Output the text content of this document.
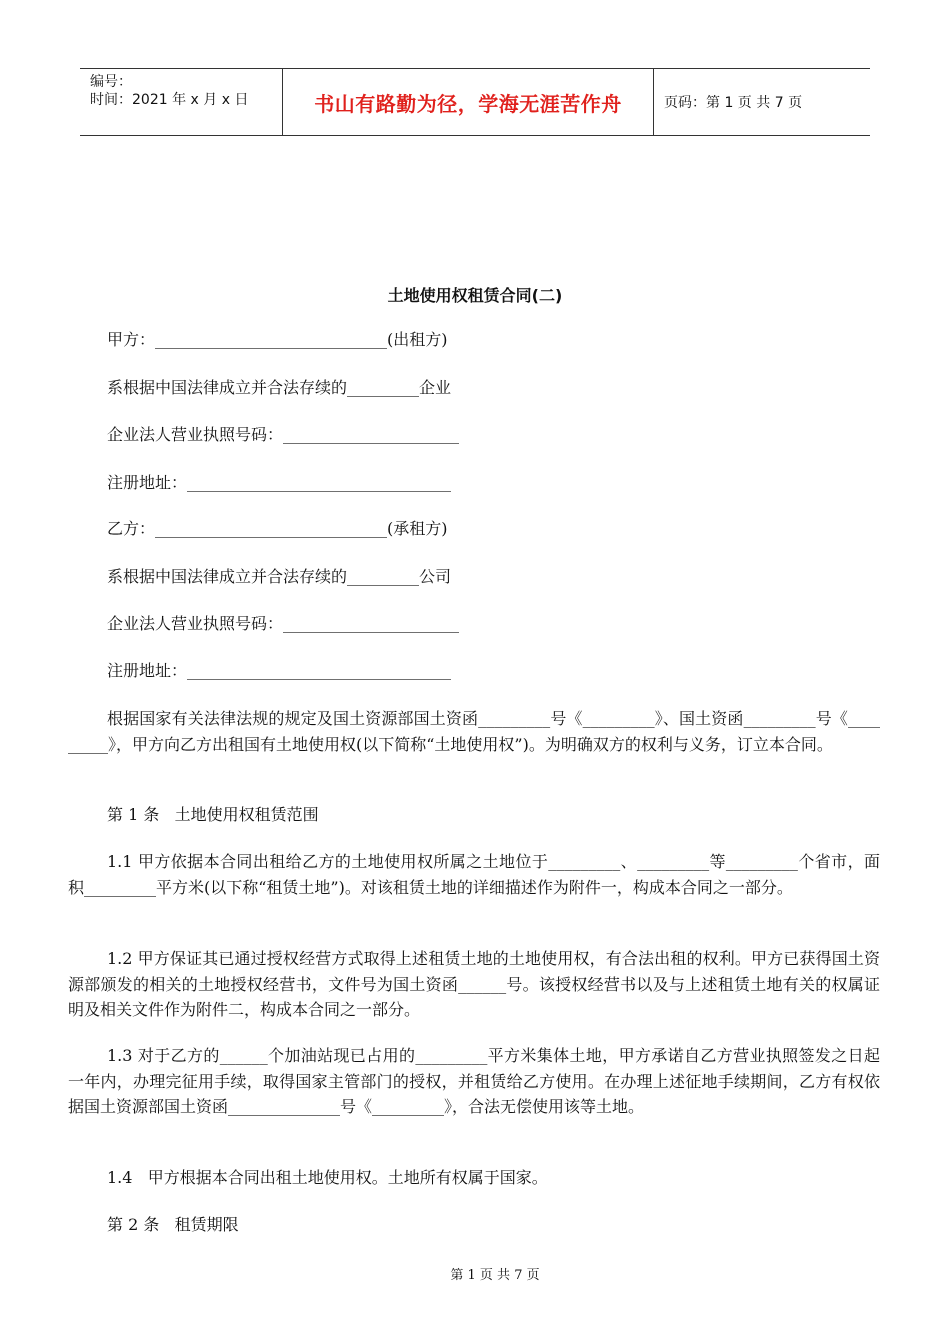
编号：
时间：2021 年 x 月 x 日	书山有路勤为径，学海无涯苦作舟	页码：第 1 页 共 7 页
土地使用权租赁合同(二)
甲方：_____________________________(出租方)
系根据中国法律成立并合法存续的_________企业
企业法人营业执照号码：______________________
注册地址：_________________________________
乙方：_____________________________(承租方)
系根据中国法律成立并合法存续的_________公司
企业法人营业执照号码：______________________
注册地址：_________________________________
根据国家有关法律法规的规定及国土资源部国土资函_________号《_________》、国土资函_________号《_________》，甲方向乙方出租国有土地使用权(以下简称“土地使用权”)。为明确双方的权利与义务，订立本合同。
第 1 条   土地使用权租赁范围
1.1 甲方依据本合同出租给乙方的土地使用权所属之土地位于_________、_________等_________个省市，面积_________平方米(以下称“租赁土地”)。对该租赁土地的详细描述作为附件一，构成本合同之一部分。
1.2 甲方保证其已通过授权经营方式取得上述租赁土地的土地使用权，有合法出租的权利。甲方已获得国土资源部颁发的相关的土地授权经营书，文件号为国土资函______号。该授权经营书以及与上述租赁土地有关的权属证明及相关文件作为附件二，构成本合同之一部分。
1.3 对于乙方的______个加油站现已占用的_________平方米集体土地，甲方承诺自乙方营业执照签发之日起一年内，办理完征用手续，取得国家主管部门的授权，并租赁给乙方使用。在办理上述征地手续期间，乙方有权依据国土资源部国土资函______________号《_________》，合法无偿使用该等土地。
1.4   甲方根据本合同出租土地使用权。土地所有权属于国家。
第 2 条   租赁期限
第 1 页 共 7 页
